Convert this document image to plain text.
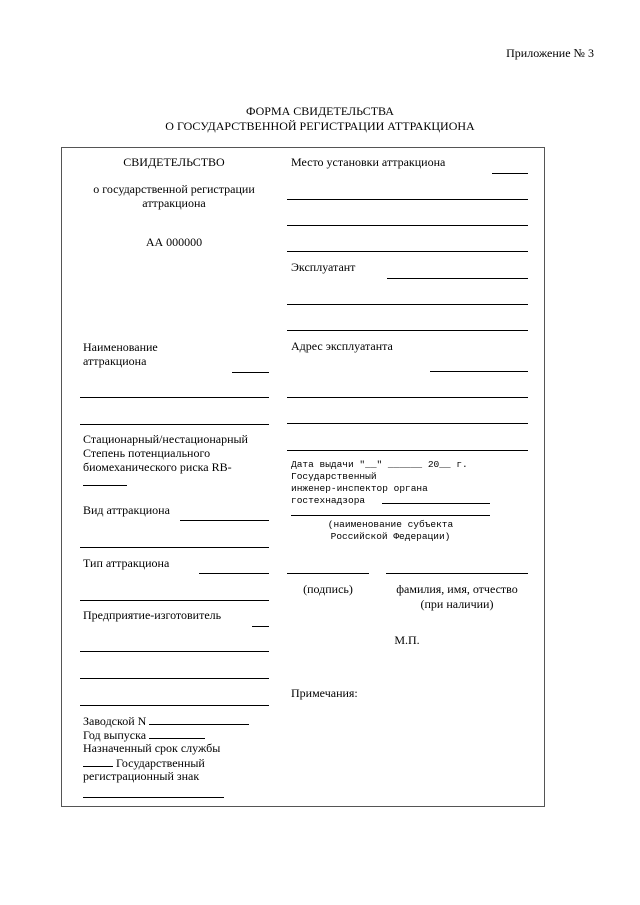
Приложение № 3
ФОРМА СВИДЕТЕЛЬСТВА
О ГОСУДАРСТВЕННОЙ РЕГИСТРАЦИИ АТТРАКЦИОНА
СВИДЕТЕЛЬСТВО
о государственной регистрации
аттракциона
АА 000000
Наименование
аттракциона
Стационарный/нестационарный
Степень потенциального
биомеханического риска RB-
Вид аттракциона
Тип аттракциона
Предприятие-изготовитель
Заводской N
Год выпуска
Назначенный срок службы
Государственный
регистрационный знак
Место установки аттракциона
Эксплуатант
Адрес эксплуатанта
Дата выдачи "__" ______ 20__ г.
Государственный
инженер-инспектор органа
гостехнадзора
(наименование субъекта
Российской Федерации)
(подпись)	фамилия, имя, отчество
(при наличии)
М.П.
Примечания:
